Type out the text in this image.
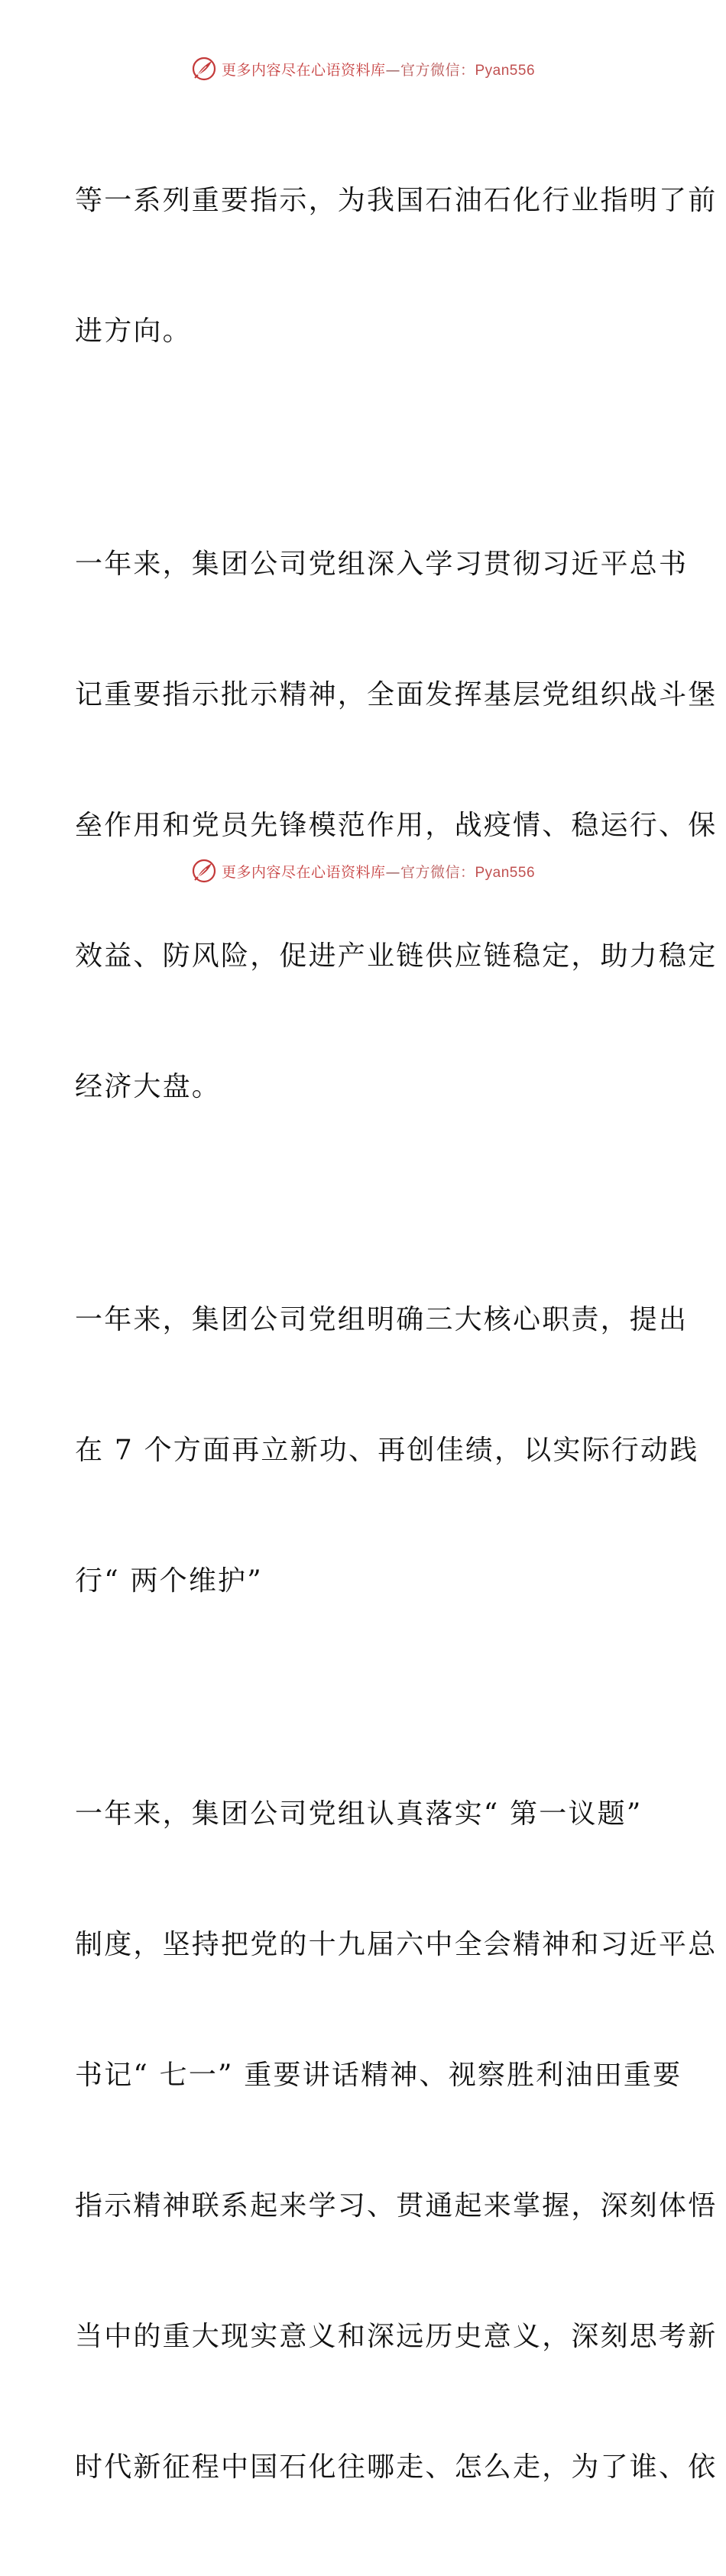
更多内容尽在心语资料库—官方微信：Pyan556

等一系列重要指示，为我国石油石化行业指明了前

进方向。

一年来，集团公司党组深入学习贯彻习近平总书

记重要指示批示精神，全面发挥基层党组织战斗堡

垒作用和党员先锋模范作用，战疫情、稳运行、保

效益、防风险，促进产业链供应链稳定，助力稳定

经济大盘。

一年来，集团公司党组明确三大核心职责，提出

在 7 个方面再立新功、再创佳绩，以实际行动践

行“ 两个维护”

一年来，集团公司党组认真落实“ 第一议题”

制度，坚持把党的十九届六中全会精神和习近平总

书记“ 七一” 重要讲话精神、视察胜利油田重要

指示精神联系起来学习、贯通起来掌握，深刻体悟

当中的重大现实意义和深远历史意义，深刻思考新

时代新征程中国石化往哪走、怎么走，为了谁、依

更多内容尽在心语资料库—官方微信：Pyan556
